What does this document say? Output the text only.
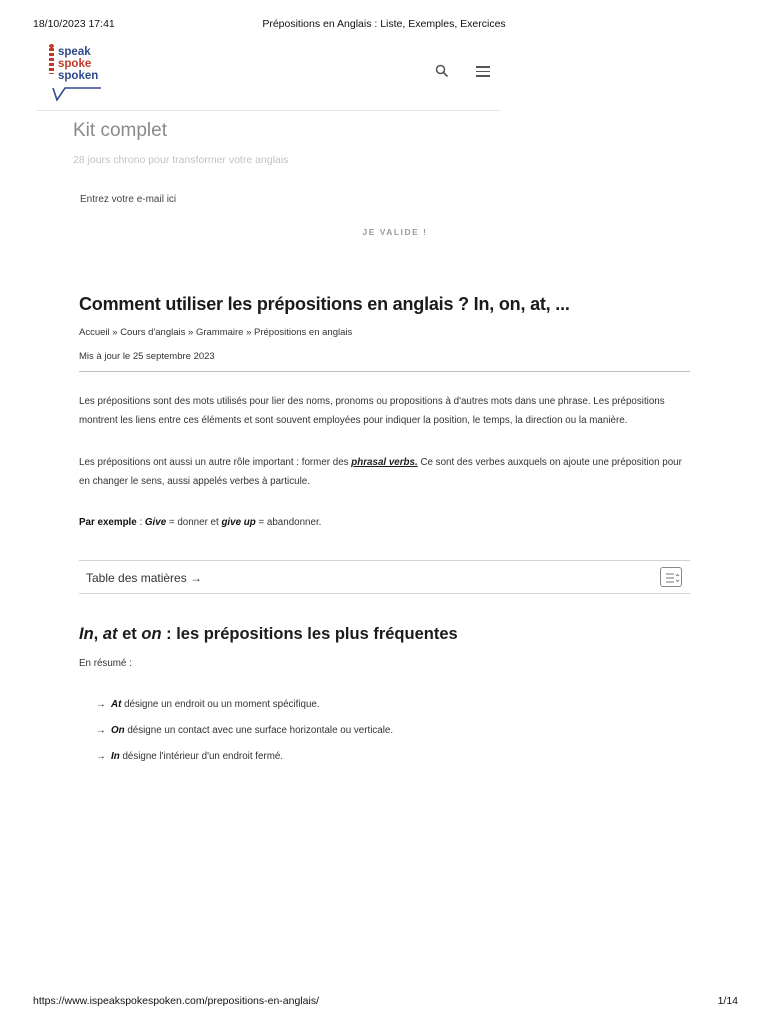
18/10/2023 17:41	Prépositions en Anglais : Liste, Exemples, Exercices
speak
spoke
spoken
Kit complet
28 jours chrono pour transformer votre anglais
Entrez votre e-mail ici
JE VALIDE !
Comment utiliser les prépositions en anglais ? In, on, at, ...
Accueil » Cours d'anglais » Grammaire » Prépositions en anglais
Mis à jour le 25 septembre 2023

Les prépositions sont des mots utilisés pour lier des noms, pronoms ou propositions à d'autres mots dans une phrase. Les prépositions montrent les liens entre ces éléments et sont souvent employées pour indiquer la position, le temps, la direction ou la manière.

Les prépositions ont aussi un autre rôle important : former des phrasal verbs. Ce sont des verbes auxquels on ajoute une préposition pour en changer le sens, aussi appelés verbes à particule.

Par exemple : Give = donner et give up = abandonner.

Table des matières →
In, at et on : les prépositions les plus fréquentes
En résumé :
→ At désigne un endroit ou un moment spécifique.
→ On désigne un contact avec une surface horizontale ou verticale.
→ In désigne l'intérieur d'un endroit fermé.
https://www.ispeakspokespoken.com/prepositions-en-anglais/	1/14
